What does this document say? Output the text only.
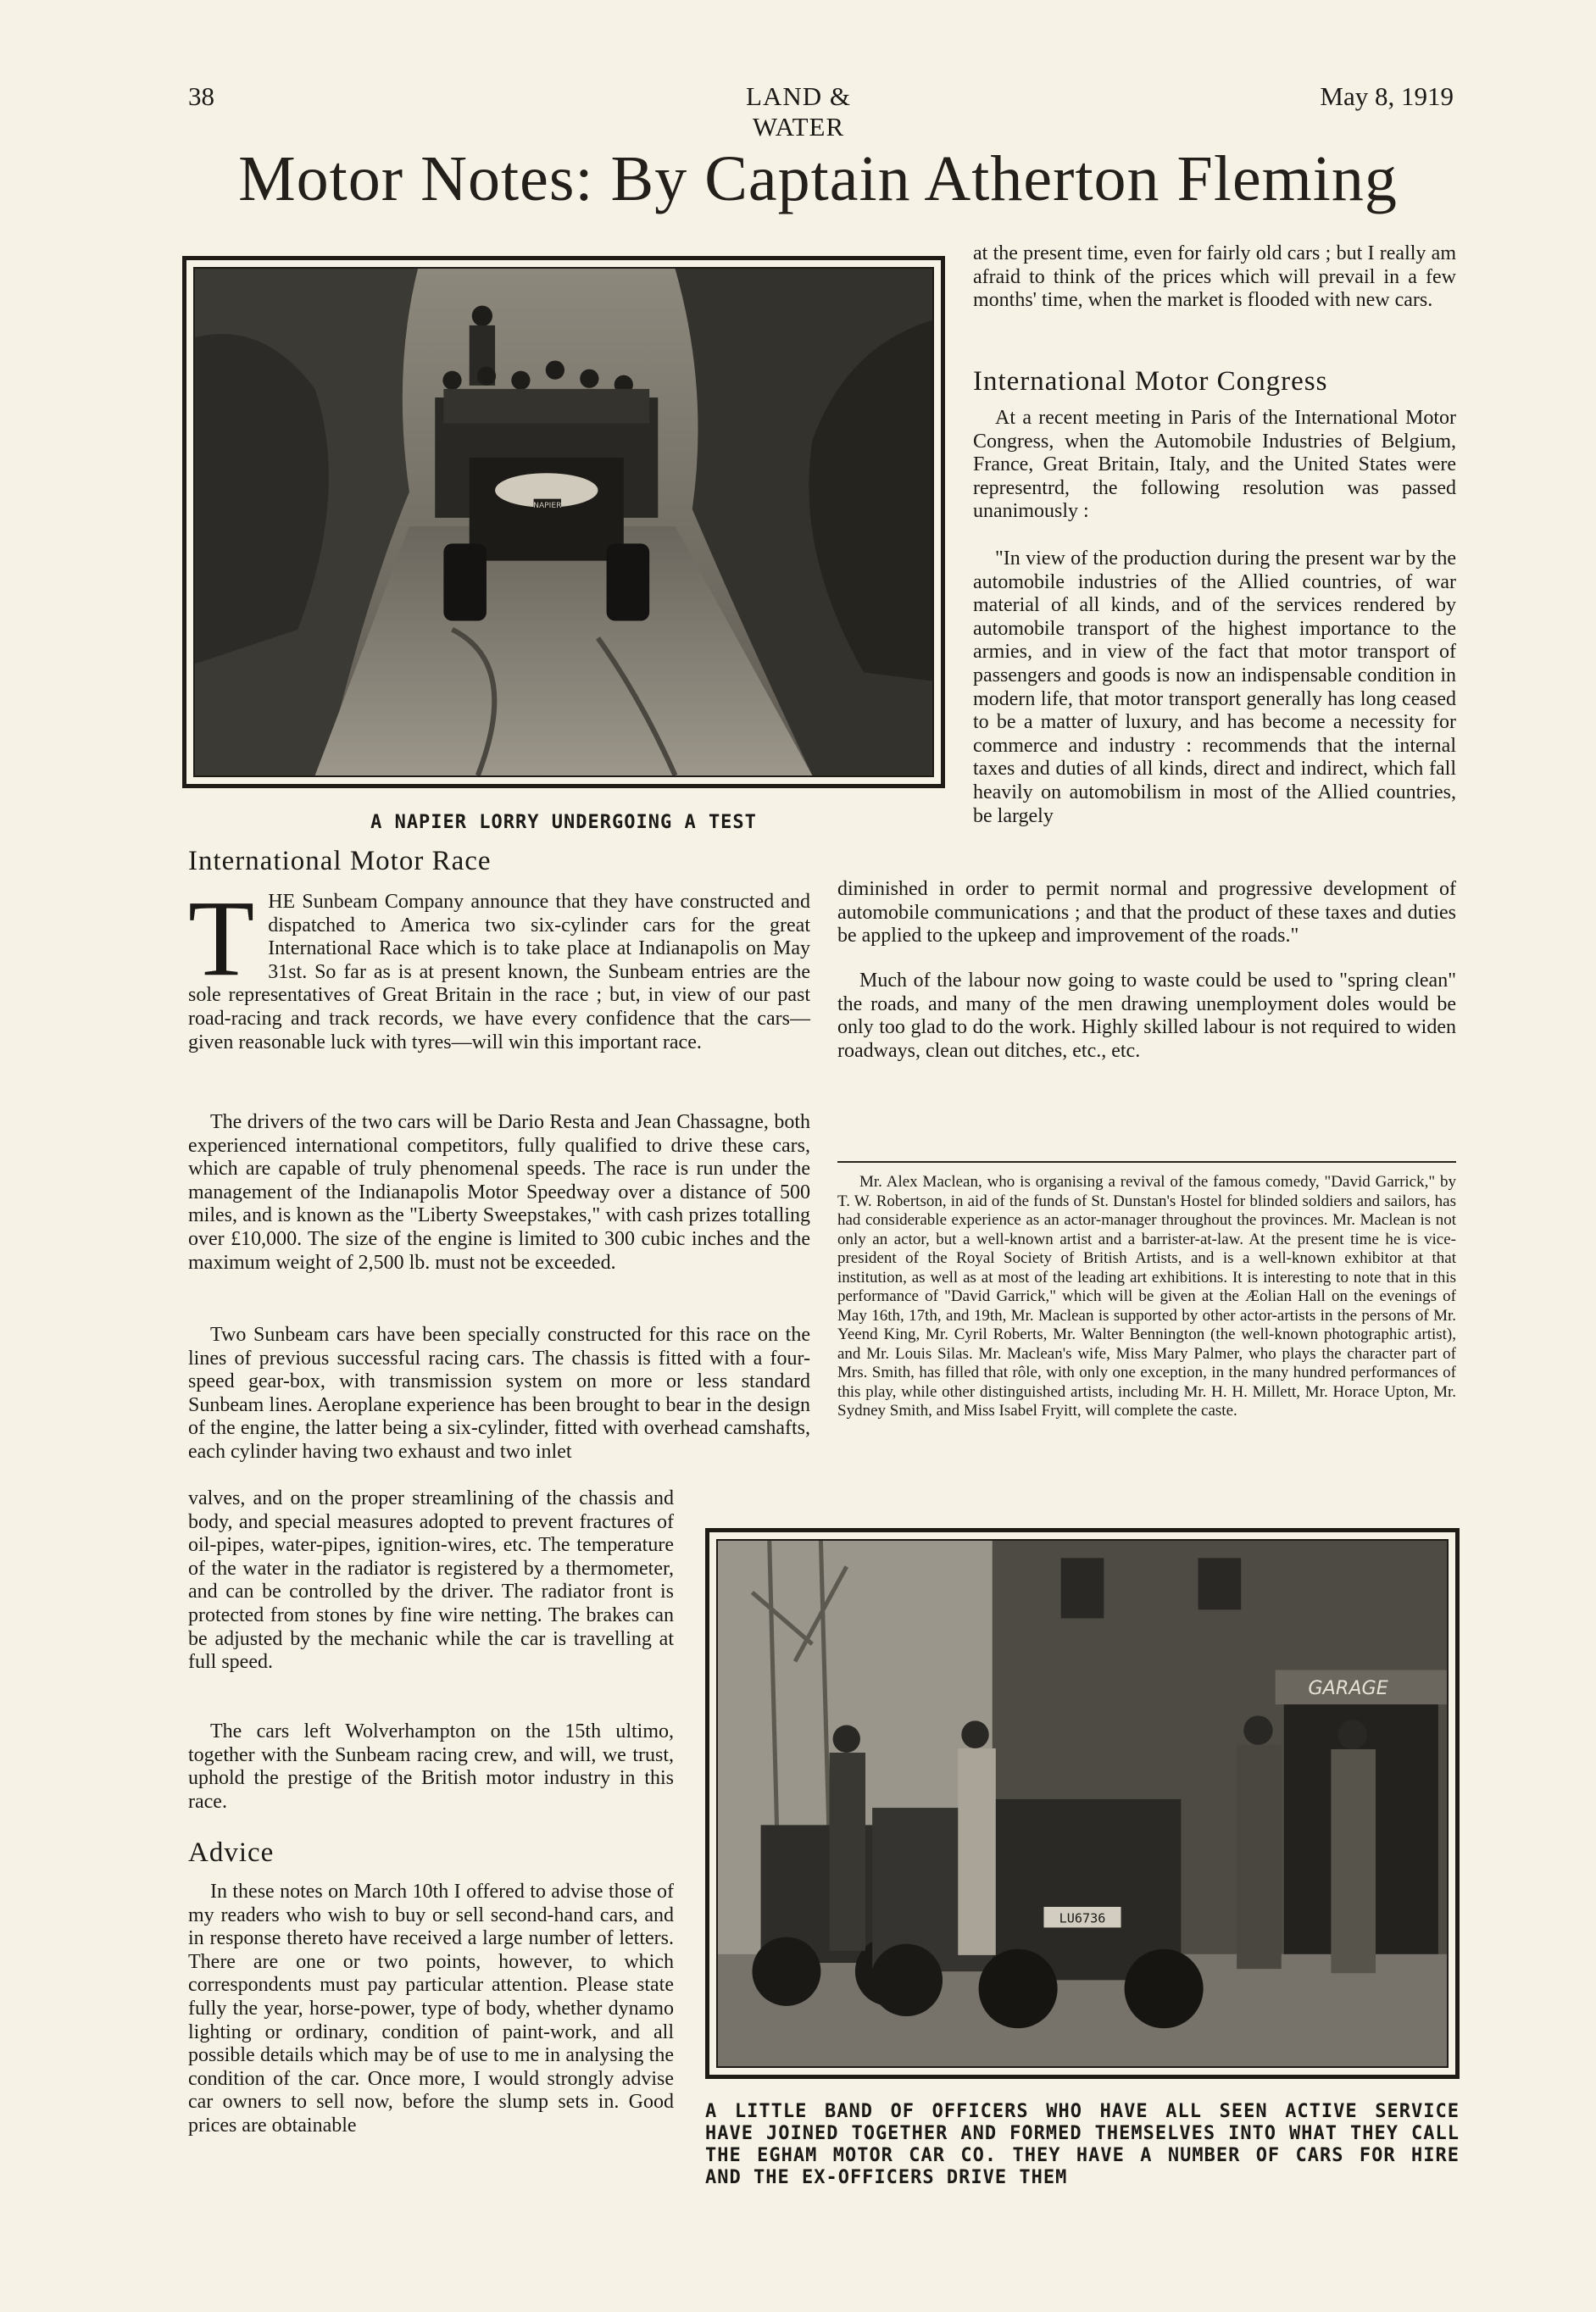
38	LAND & WATER
May 8, 1919
Motor Notes: By Captain Atherton Fleming
NAPIER
A NAPIER LORRY UNDERGOING A TEST
International Motor Race
THE Sunbeam Company announce that they have constructed and dispatched to America two six-cylinder cars for the great International Race which is to take place at Indianapolis on May 31st. So far as is at present known, the Sunbeam entries are the sole representatives of Great Britain in the race ; but, in view of our past road-racing and track records, we have every confidence that the cars—given reasonable luck with tyres—will win this important race.
The drivers of the two cars will be Dario Resta and Jean Chassagne, both experienced international competitors, fully qualified to drive these cars, which are capable of truly phenomenal speeds. The race is run under the management of the Indianapolis Motor Speedway over a distance of 500 miles, and is known as the "Liberty Sweepstakes," with cash prizes totalling over £10,000. The size of the engine is limited to 300 cubic inches and the maximum weight of 2,500 lb. must not be exceeded.
Two Sunbeam cars have been specially constructed for this race on the lines of previous successful racing cars. The chassis is fitted with a four-speed gear-box, with transmission system on more or less standard Sunbeam lines. Aeroplane experience has been brought to bear in the design of the engine, the latter being a six-cylinder, fitted with overhead camshafts, each cylinder having two exhaust and two inlet
valves, and on the proper streamlining of the chassis and body, and special measures adopted to prevent fractures of oil-pipes, water-pipes, ignition-wires, etc. The temperature of the water in the radiator is registered by a thermometer, and can be controlled by the driver. The radiator front is protected from stones by fine wire netting. The brakes can be adjusted by the mechanic while the car is travelling at full speed.
The cars left Wolverhampton on the 15th ultimo, together with the Sunbeam racing crew, and will, we trust, uphold the prestige of the British motor industry in this race.
Advice
In these notes on March 10th I offered to advise those of my readers who wish to buy or sell second-hand cars, and in response thereto have received a large number of letters. There are one or two points, however, to which correspondents must pay particular attention. Please state fully the year, horse-power, type of body, whether dynamo lighting or ordinary, condition of paint-work, and all possible details which may be of use to me in analysing the condition of the car. Once more, I would strongly advise car owners to sell now, before the slump sets in. Good prices are obtainable
at the present time, even for fairly old cars ; but I really am afraid to think of the prices which will prevail in a few months' time, when the market is flooded with new cars.
International Motor Congress
At a recent meeting in Paris of the International Motor Congress, when the Automobile Industries of Belgium, France, Great Britain, Italy, and the United States were representrd, the following resolution was passed unanimously :
"In view of the production during the present war by the automobile industries of the Allied countries, of war material of all kinds, and of the services rendered by automobile transport of the highest importance to the armies, and in view of the fact that motor transport of passengers and goods is now an indispensable condition in modern life, that motor transport generally has long ceased to be a matter of luxury, and has become a necessity for commerce and industry : recommends that the internal taxes and duties of all kinds, direct and indirect, which fall heavily on automobilism in most of the Allied countries, be largely
diminished in order to permit normal and progressive development of automobile communications ; and that the product of these taxes and duties be applied to the upkeep and improvement of the roads."
Much of the labour now going to waste could be used to "spring clean" the roads, and many of the men drawing unemployment doles would be only too glad to do the work. Highly skilled labour is not required to widen roadways, clean out ditches, etc., etc.
Mr. Alex Maclean, who is organising a revival of the famous comedy, "David Garrick," by T. W. Robertson, in aid of the funds of St. Dunstan's Hostel for blinded soldiers and sailors, has had considerable experience as an actor-manager throughout the provinces. Mr. Maclean is not only an actor, but a well-known artist and a barrister-at-law. At the present time he is vice-president of the Royal Society of British Artists, and is a well-known exhibitor at that institution, as well as at most of the leading art exhibitions. It is interesting to note that in this performance of "David Garrick," which will be given at the Æolian Hall on the evenings of May 16th, 17th, and 19th, Mr. Maclean is supported by other actor-artists in the persons of Mr. Yeend King, Mr. Cyril Roberts, Mr. Walter Bennington (the well-known photographic artist), and Mr. Louis Silas. Mr. Maclean's wife, Miss Mary Palmer, who plays the character part of Mrs. Smith, has filled that rôle, with only one exception, in the many hundred performances of this play, while other distinguished artists, including Mr. H. H. Millett, Mr. Horace Upton, Mr. Sydney Smith, and Miss Isabel Fryitt, will complete the caste.
GARAGE
LU6736
A LITTLE BAND OF OFFICERS WHO HAVE ALL SEEN ACTIVE SERVICE HAVE JOINED TOGETHER AND FORMED THEMSELVES INTO WHAT THEY CALL THE EGHAM MOTOR CAR CO. THEY HAVE A NUMBER OF CARS FOR HIRE AND THE EX-OFFICERS DRIVE THEM
